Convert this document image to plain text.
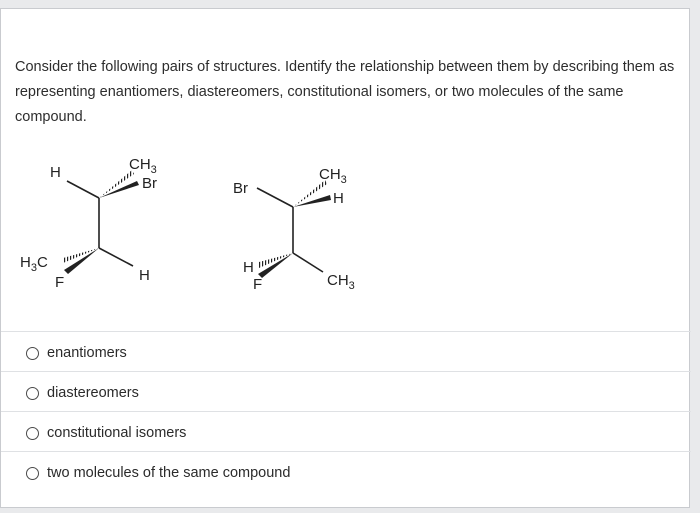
Consider the following pairs of structures. Identify the relationship between them by describing them as representing enantiomers, diastereomers, constitutional isomers, or two molecules of the same compound.
H	$CH_3$
Br
$H_3C$
F	H
Br
$CH_3$
H
H
F	$CH_3$
enantiomers
diastereomers
constitutional isomers
two molecules of the same compound
